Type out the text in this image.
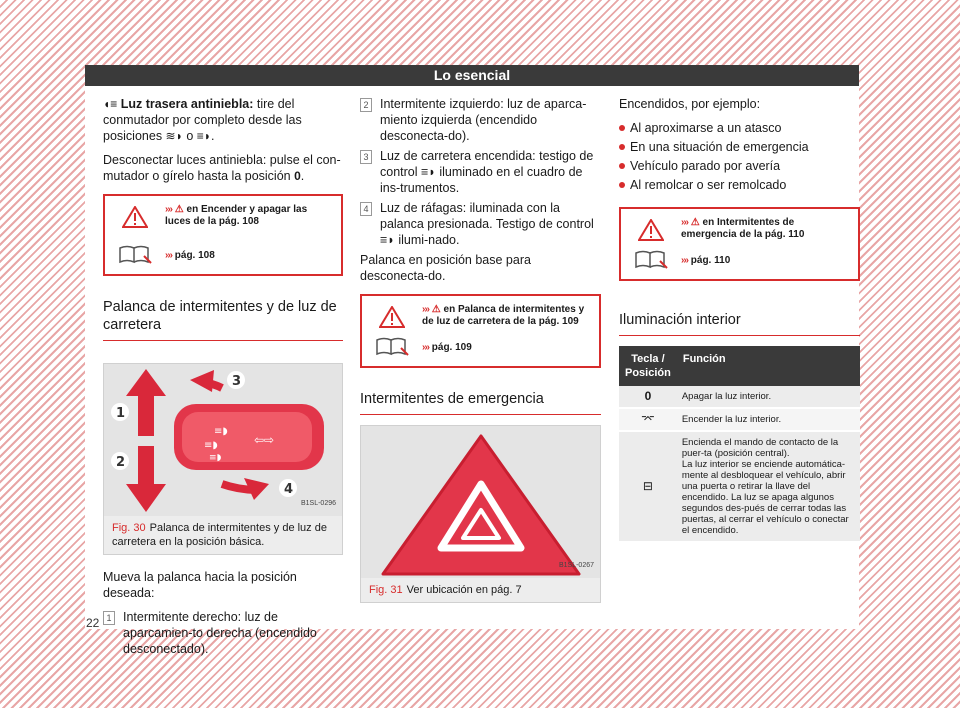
Lo esencial

◖≡ Luz trasera antiniebla: tire del conmutador por completo desde las posiciones ≋◗ o ≡◗.

Desconectar luces antiniebla: pulse el con-mutador o gírelo hasta la posición 0.

››› ⚠ en Encender y apagar las luces de la pág. 108
››› pág. 108
Palanca de intermitentes y de luz de carretera
≡◗
≡◗
≡◗
⇦⇨
1
2
3
4
B1SL-0296
Fig. 30 Palanca de intermitentes y de luz de carretera en la posición básica.

Mueva la palanca hacia la posición deseada:

1 Intermitente derecho: luz de aparcamien-to derecha (encendido desconectado).
2 Intermitente izquierdo: luz de aparca-miento izquierda (encendido desconecta-do).
3 Luz de carretera encendida: testigo de control ≡◗ iluminado en el cuadro de ins-trumentos.
4 Luz de ráfagas: iluminada con la palanca presionada. Testigo de control ≡◗ ilumi-nado.

Palanca en posición base para desconecta-do.

››› ⚠ en Palanca de intermitentes y de luz de carretera de la pág. 109
››› pág. 109
Intermitentes de emergencia
B1SL-0267
Fig. 31 Ver ubicación en pág. 7

Encendidos, por ejemplo:

Al aproximarse a un atasco
En una situación de emergencia
Vehículo parado por avería
Al remolcar o ser remolcado
››› ⚠ en Intermitentes de emergencia de la pág. 110
››› pág. 110
Iluminación interior
Tecla / Posición	Función
0	Apagar la luz interior.
⌤	Encender la luz interior.
⊟	Encienda el mando de contacto de la puer-ta (posición central).
La luz interior se enciende automática-mente al desbloquear el vehículo, abrir una puerta o retirar la llave del encendido. La luz se apaga algunos segundos des-pués de cerrar todas las puertas, al cerrar el vehículo o conectar el encendido.
22
